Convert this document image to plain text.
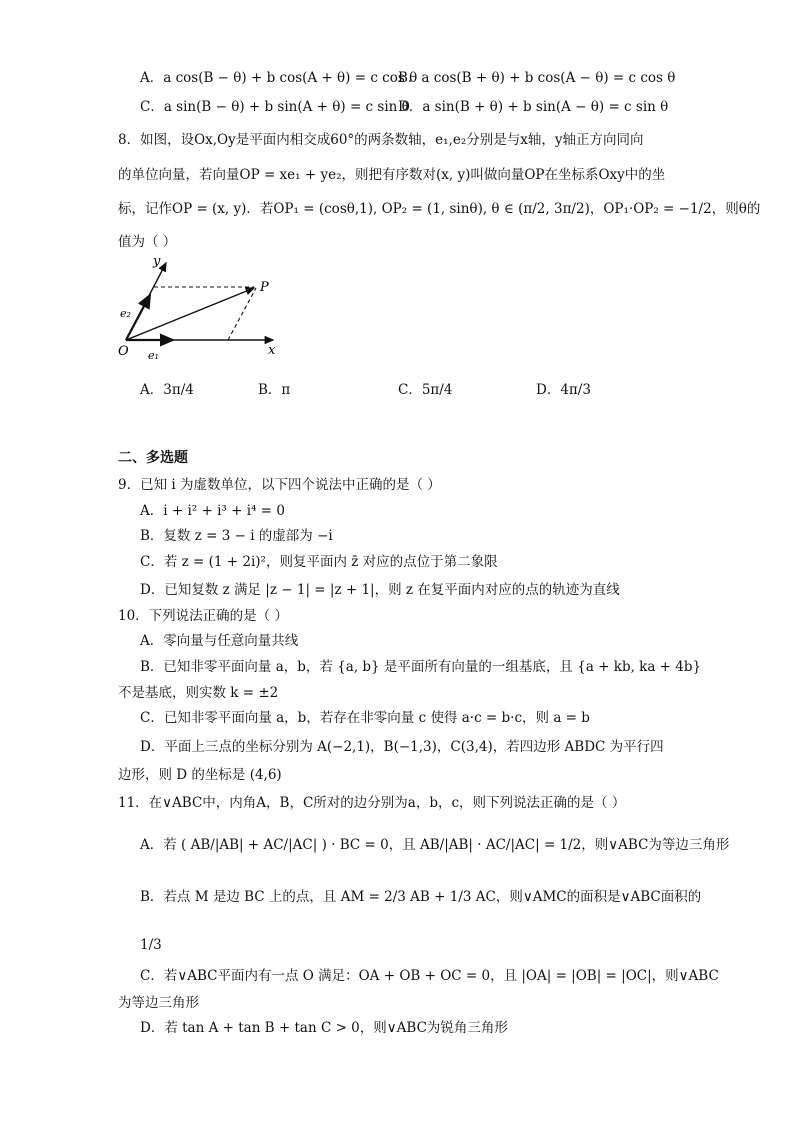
A．a cos(B − θ) + b cos(A + θ) = c cos θ
B．a cos(B + θ) + b cos(A − θ) = c cos θ
C．a sin(B − θ) + b sin(A + θ) = c sin θ
D．a sin(B + θ) + b sin(A − θ) = c sin θ
8．如图，设Ox,Oy是平面内相交成60°的两条数轴，e₁,e₂分别是与x轴，y轴正方向同向
的单位向量，若向量OP = xe₁ + ye₂，则把有序数对(x, y)叫做向量OP在坐标系Oxy中的坐
标，记作OP = (x, y)．若OP₁ = (cosθ,1), OP₂ = (1, sinθ), θ ∈ (π/2, 3π/2)，OP₁·OP₂ = −1/2，则θ的
值为（ ）
y
x
O
P
e₁
e₂
A．3π/4	B．π	C．5π/4	D．4π/3
二、多选题
9．已知 i 为虚数单位，以下四个说法中正确的是（ ）
A．i + i² + i³ + i⁴ = 0
B．复数 z = 3 − i 的虚部为 −i
C．若 z = (1 + 2i)²，则复平面内 z̄ 对应的点位于第二象限
D．已知复数 z 满足 |z − 1| = |z + 1|，则 z 在复平面内对应的点的轨迹为直线
10．下列说法正确的是（ ）
A．零向量与任意向量共线
B．已知非零平面向量 a，b，若 {a, b} 是平面所有向量的一组基底，且 {a + kb, ka + 4b}
不是基底，则实数 k = ±2
C．已知非零平面向量 a，b，若存在非零向量 c 使得 a·c = b·c，则 a = b
D．平面上三点的坐标分别为 A(−2,1)，B(−1,3)，C(3,4)，若四边形 ABDC 为平行四
边形，则 D 的坐标是 (4,6)
11．在∨ABC中，内角A，B，C所对的边分别为a，b，c，则下列说法正确的是（ ）
A．若 ( AB/|AB| + AC/|AC| ) · BC = 0，且 AB/|AB| · AC/|AC| = 1/2，则∨ABC为等边三角形
B．若点 M 是边 BC 上的点，且 AM = 2/3 AB + 1/3 AC，则∨AMC的面积是∨ABC面积的
1/3
C．若∨ABC平面内有一点 O 满足：OA + OB + OC = 0，且 |OA| = |OB| = |OC|，则∨ABC
为等边三角形
D．若 tan A + tan B + tan C > 0，则∨ABC为锐角三角形
